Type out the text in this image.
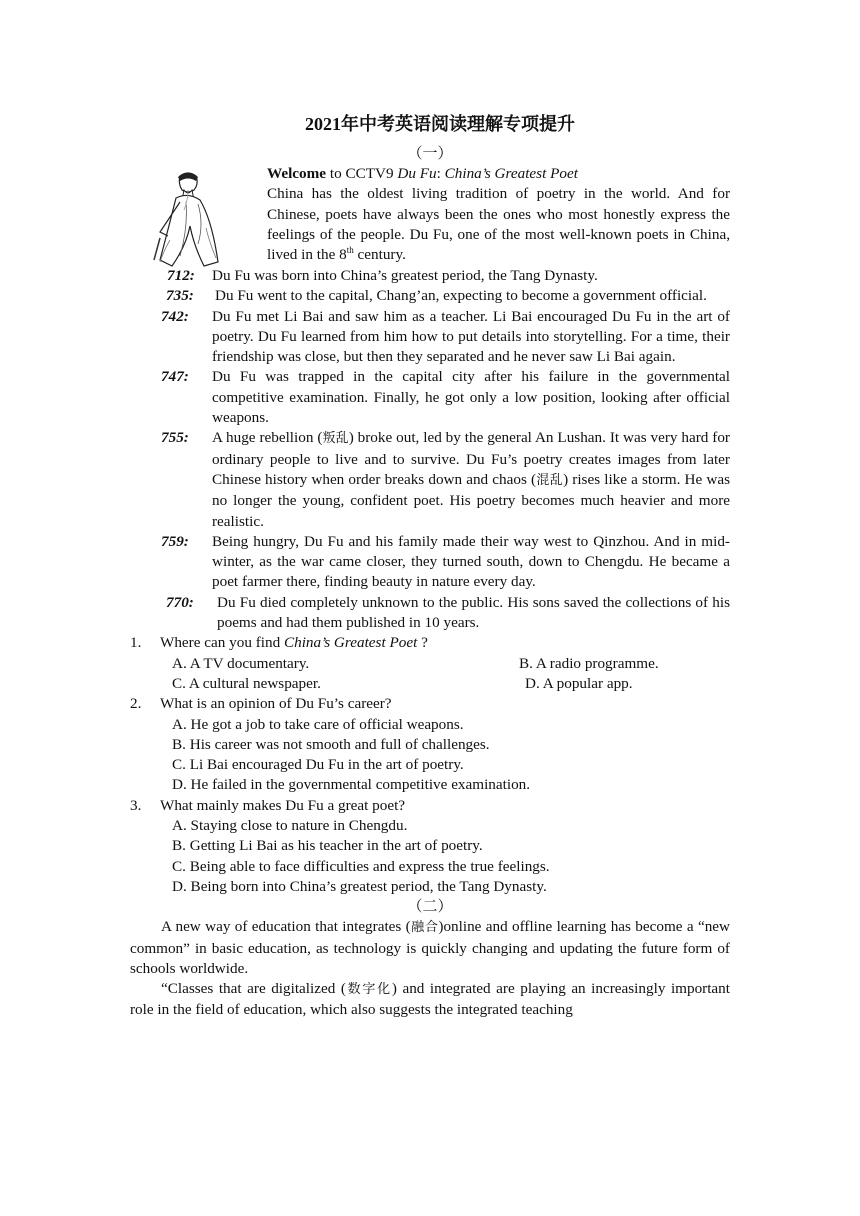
2021年中考英语阅读理解专项提升
（一）
Welcome to CCTV9 Du Fu: China’s Greatest Poet
China has the oldest living tradition of poetry in the world. And for Chinese, poets have always been the ones who most honestly express the feelings of the people. Du Fu, one of the most well-known poets in China, lived in the 8th century.
712: Du Fu was born into China’s greatest period, the Tang Dynasty.
735: Du Fu went to the capital, Chang’an, expecting to become a government official.
742: Du Fu met Li Bai and saw him as a teacher. Li Bai encouraged Du Fu in the art of poetry. Du Fu learned from him how to put details into storytelling. For a time, their friendship was close, but then they separated and he never saw Li Bai again.
747: Du Fu was trapped in the capital city after his failure in the governmental competitive examination. Finally, he got only a low position, looking after official weapons.
755: A huge rebellion (叛乱) broke out, led by the general An Lushan. It was very hard for ordinary people to live and to survive. Du Fu’s poetry creates images from later Chinese history when order breaks down and chaos (混乱) rises like a storm. He was no longer the young, confident poet. His poetry becomes much heavier and more realistic.
759: Being hungry, Du Fu and his family made their way west to Qinzhou. And in mid-winter, as the war came closer, they turned south, down to Chengdu. He became a poet farmer there, finding beauty in nature every day.
770: Du Fu died completely unknown to the public. His sons saved the collections of his poems and had them published in 10 years.
1. Where can you find China’s Greatest Poet ?
A. A TV documentary.	B. A radio programme.
C. A cultural newspaper.	D. A popular app.
2. What is an opinion of Du Fu’s career?
A. He got a job to take care of official weapons.
B. His career was not smooth and full of challenges.
C. Li Bai encouraged Du Fu in the art of poetry.
D. He failed in the governmental competitive examination.
3. What mainly makes Du Fu a great poet?
A. Staying close to nature in Chengdu.
B. Getting Li Bai as his teacher in the art of poetry.
C. Being able to face difficulties and express the true feelings.
D. Being born into China’s greatest period, the Tang Dynasty.
（二）
A new way of education that integrates (融合)online and offline learning has become a “new common” in basic education, as technology is quickly changing and updating the future form of schools worldwide.
“Classes that are digitalized (数字化) and integrated are playing an increasingly important role in the field of education, which also suggests the integrated teaching
